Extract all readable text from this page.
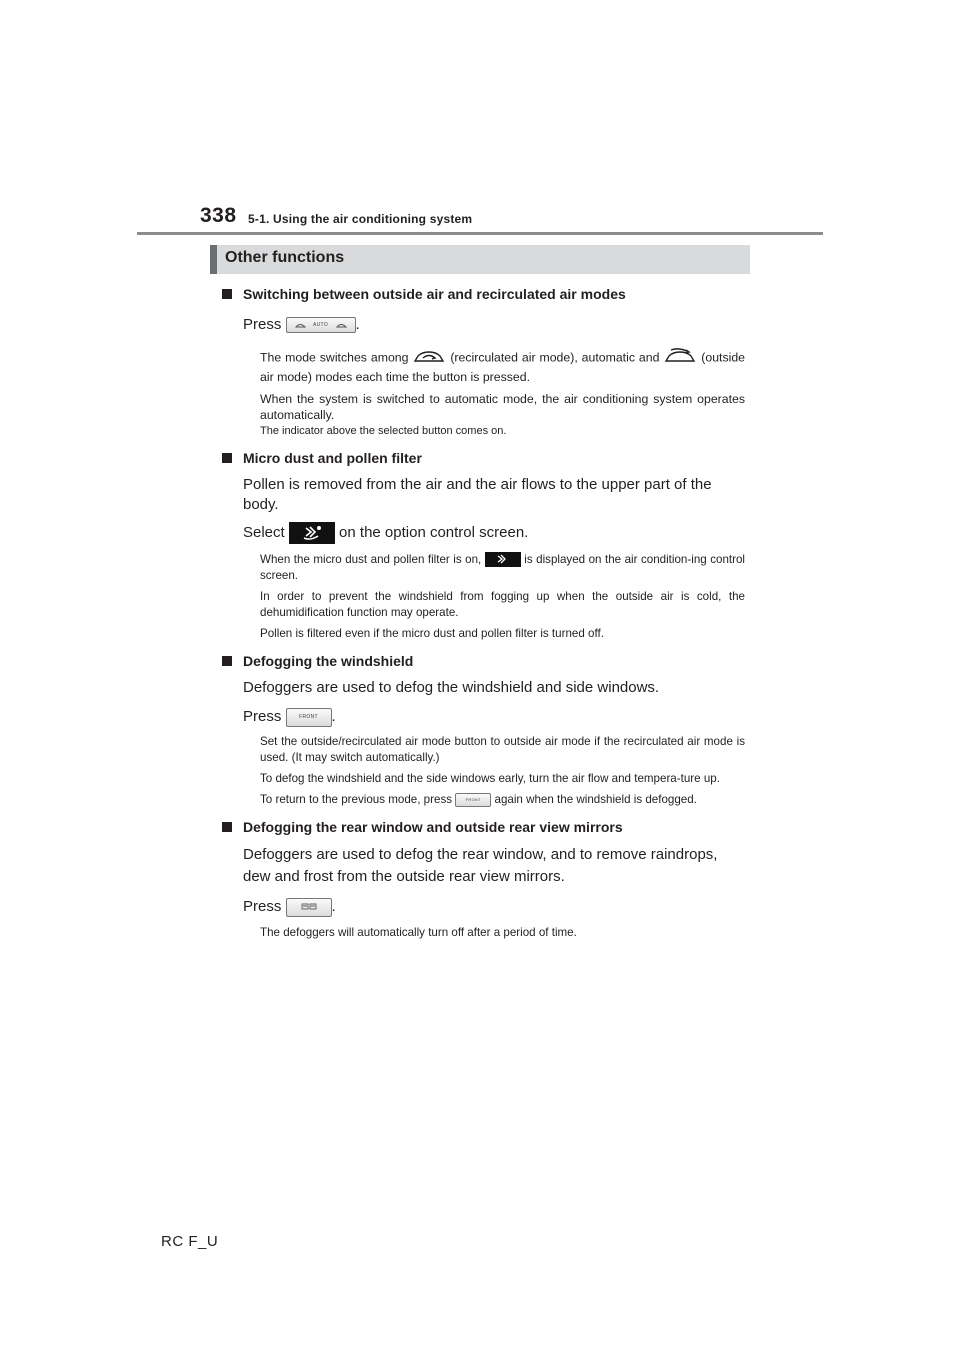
338 5-1. Using the air conditioning system
Other functions
Switching between outside air and recirculated air modes

Press	AUTO	.

The mode switches among	(recirculated air mode), automatic and	(outside air mode) modes each time the button is pressed.

When the system is switched to automatic mode, the air conditioning system operates automatically.

The indicator above the selected button comes on.

Micro dust and pollen filter

Pollen is removed from the air and the air flows to the upper part of the body.

Select	on the option control screen.

When the micro dust and pollen filter is on,	is displayed on the air condition-ing control screen.

In order to prevent the windshield from fogging up when the outside air is cold, the dehumidification function may operate.

Pollen is filtered even if the micro dust and pollen filter is turned off.

Defogging the windshield

Defoggers are used to defog the windshield and side windows.

Press	FRONT .

Set the outside/recirculated air mode button to outside air mode if the recirculated air mode is used. (It may switch automatically.)

To defog the windshield and the side windows early, turn the air flow and tempera-ture up.

To return to the previous mode, press	FRONT	again when the windshield is defogged.

Defogging the rear window and outside rear view mirrors

Defoggers are used to defog the rear window, and to remove raindrops, dew and frost from the outside rear view mirrors.

Press	.

The defoggers will automatically turn off after a period of time.

RC F_U
